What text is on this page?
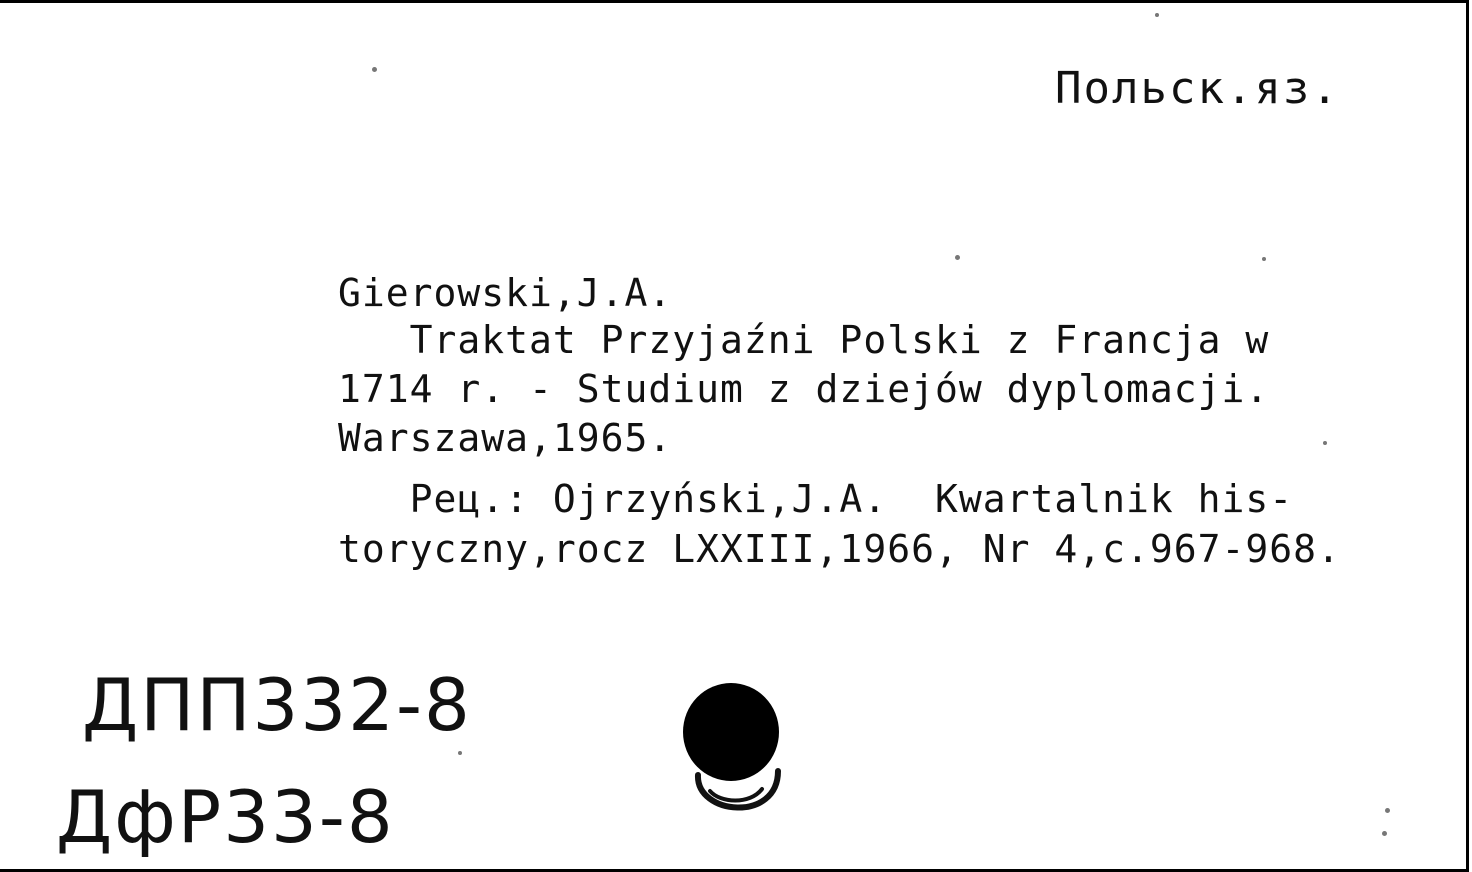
Польск.яз.
Gierowski,J.A.
Traktat Przyjaźni Polski z Francja w
1714 r. - Studium z dziejów dyplomacji.
Warszawa,1965.
Рец.: Ojrzyński,J.A.  Kwartalnik his-
toryczny,rocz LXXIII,1966, Nr 4,c.967-968.
ДПП332-8
ДфР33-8
